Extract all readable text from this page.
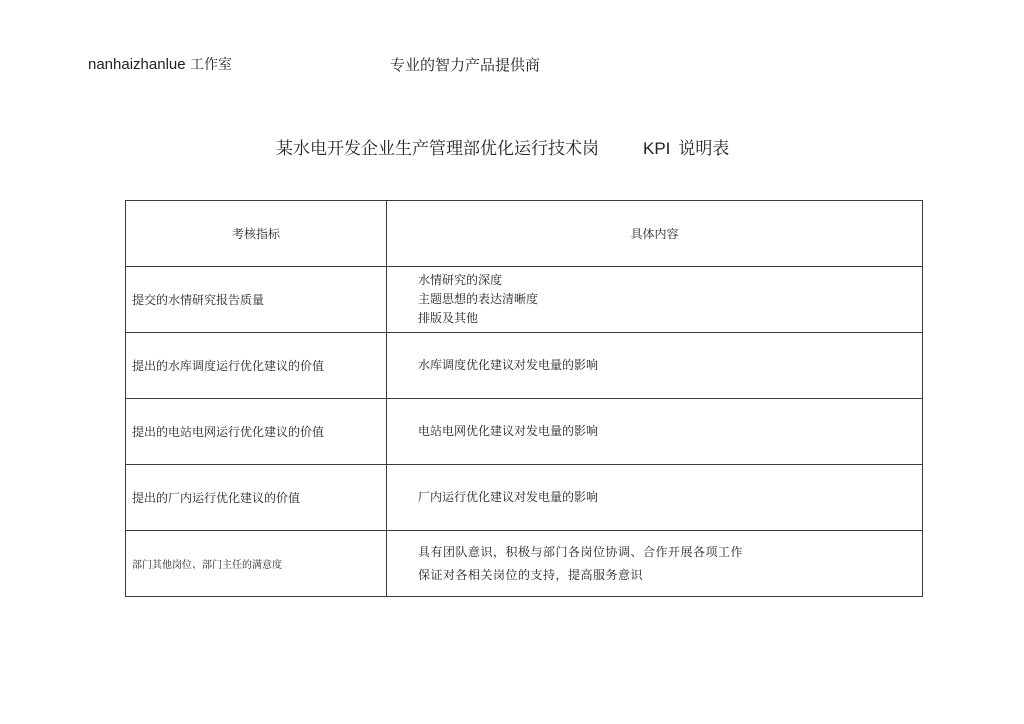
nanhaizhanlue 工作室	专业的智力产品提供商
某水电开发企业生产管理部优化运行技术岗	KPI 说明表
考核指标	具体内容
提交的水情研究报告质量	水情研究的深度
主题思想的表达清晰度
排版及其他

提出的水库调度运行优化建议的价值	水库调度优化建议对发电量的影响

提出的电站电网运行优化建议的价值	电站电网优化建议对发电量的影响

提出的厂内运行优化建议的价值	厂内运行优化建议对发电量的影响

部门其他岗位、部门主任的满意度	具有团队意识，积极与部门各岗位协调、合作开展各项工作
保证对各相关岗位的支持，提高服务意识
